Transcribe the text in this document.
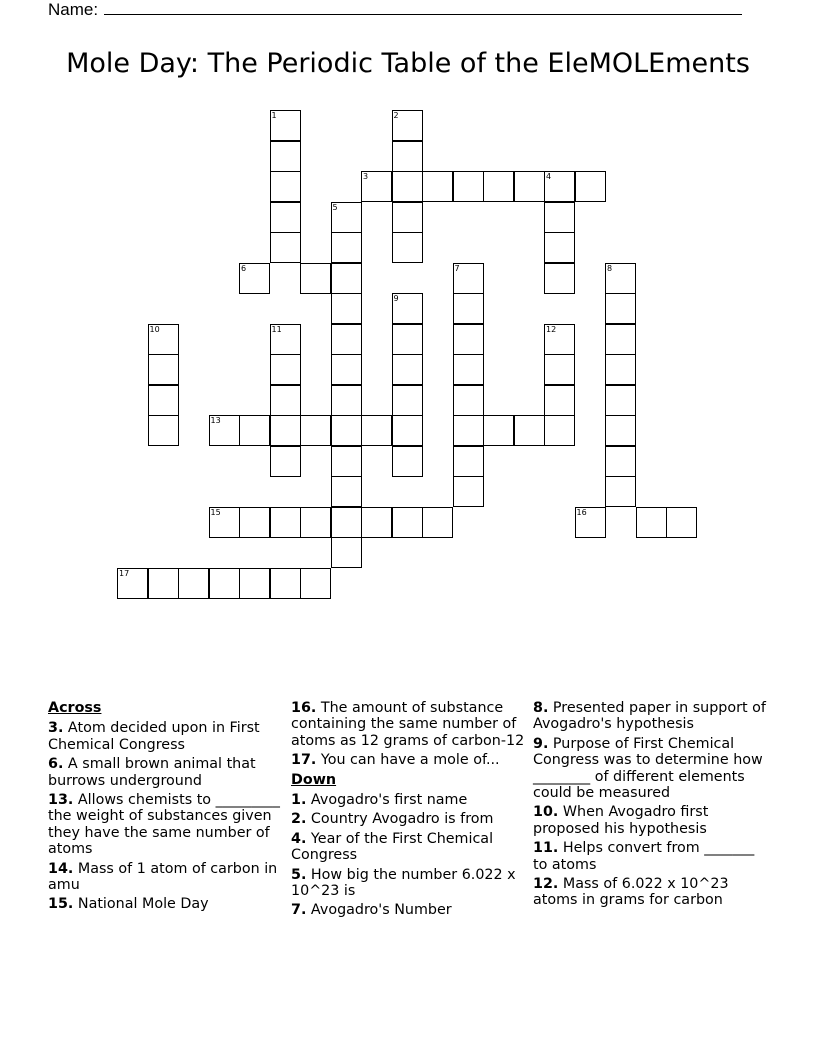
Name:
Mole Day: The Periodic Table of the EleMOLEments
1	2
3	4
5
6	7	8
9
10	11	12
13
15	16
17
Across
3. Atom decided upon in First Chemical Congress
6. A small brown animal that burrows underground
13. Allows chemists to _________ the weight of substances given they have the same number of atoms
14. Mass of 1 atom of carbon in amu
15. National Mole Day
16. The amount of substance containing the same number of atoms as 12 grams of carbon-12
17. You can have a mole of...
Down
1. Avogadro's first name
2. Country Avogadro is from
4. Year of the First Chemical Congress
5. How big the number 6.022 x 10^23 is
7. Avogadro's Number
8. Presented paper in support of Avogadro's hypothesis
9. Purpose of First Chemical Congress was to determine how ________ of different elements could be measured
10. When Avogadro first proposed his hypothesis
11. Helps convert from _______ to atoms
12. Mass of 6.022 x 10^23 atoms in grams for carbon
